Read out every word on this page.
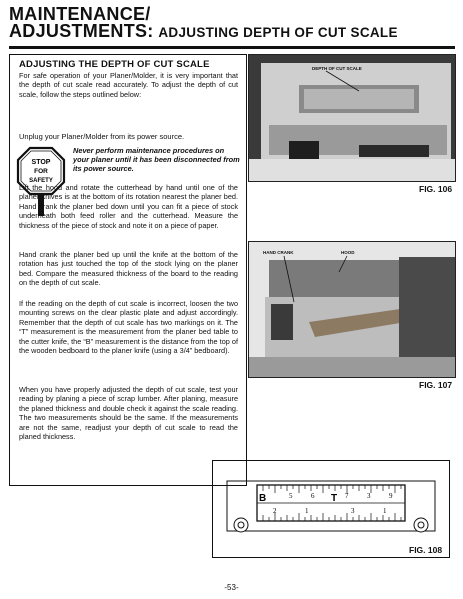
MAINTENANCE/
ADJUSTMENTS: ADJUSTING DEPTH OF CUT SCALE
ADJUSTING THE DEPTH OF CUT SCALE
For safe operation of your Planer/Molder, it is very important that the depth of cut scale read accurately. To adjust the depth of cut scale, follow the steps outlined below:
Unplug your Planer/Molder from its power source.
STOP
FOR
SAFETY
Never perform maintenance procedures on your planer until it has been disconnected from its power source.
Lift the hood and rotate the cutterhead by hand until one of the planer knives is at the bottom of its rotation nearest the planer bed. Hand crank the planer bed down until you can fit a piece of stock underneath both feed roller and the cutterhead. Measure the thickness of the piece of stock and note it on a piece of paper.
Hand crank the planer bed up until the knife at the bottom of the rotation has just touched the top of the stock lying on the planer bed. Compare the measured thickness of the board to the reading on the depth of cut scale.
If the reading on the depth of cut scale is incorrect, loosen the two mounting screws on the clear plastic plate and adjust accordingly. Remember that the depth of cut scale has two markings on it. The “T” measurement is the measurement from the planer bed table to the cutter knife, the “B” measurement is the distance from the top of the wooden bedboard to the planer knife (using a 3/4” bedboard).
When you have properly adjusted the depth of cut scale, test your reading by planing a piece of scrap lumber. After planing, measure the planed thickness and double check it against the scale reading. The two measurements should be the same. If the measurements are not the same, readjust your depth of cut scale to read the planed thickness.
DEPTH OF CUT SCALE
FIG. 106
HAND CRANK	HOOD
FIG. 107
B	T
5	6	7	3	9
2	1	3	1
FIG. 108
-53-
